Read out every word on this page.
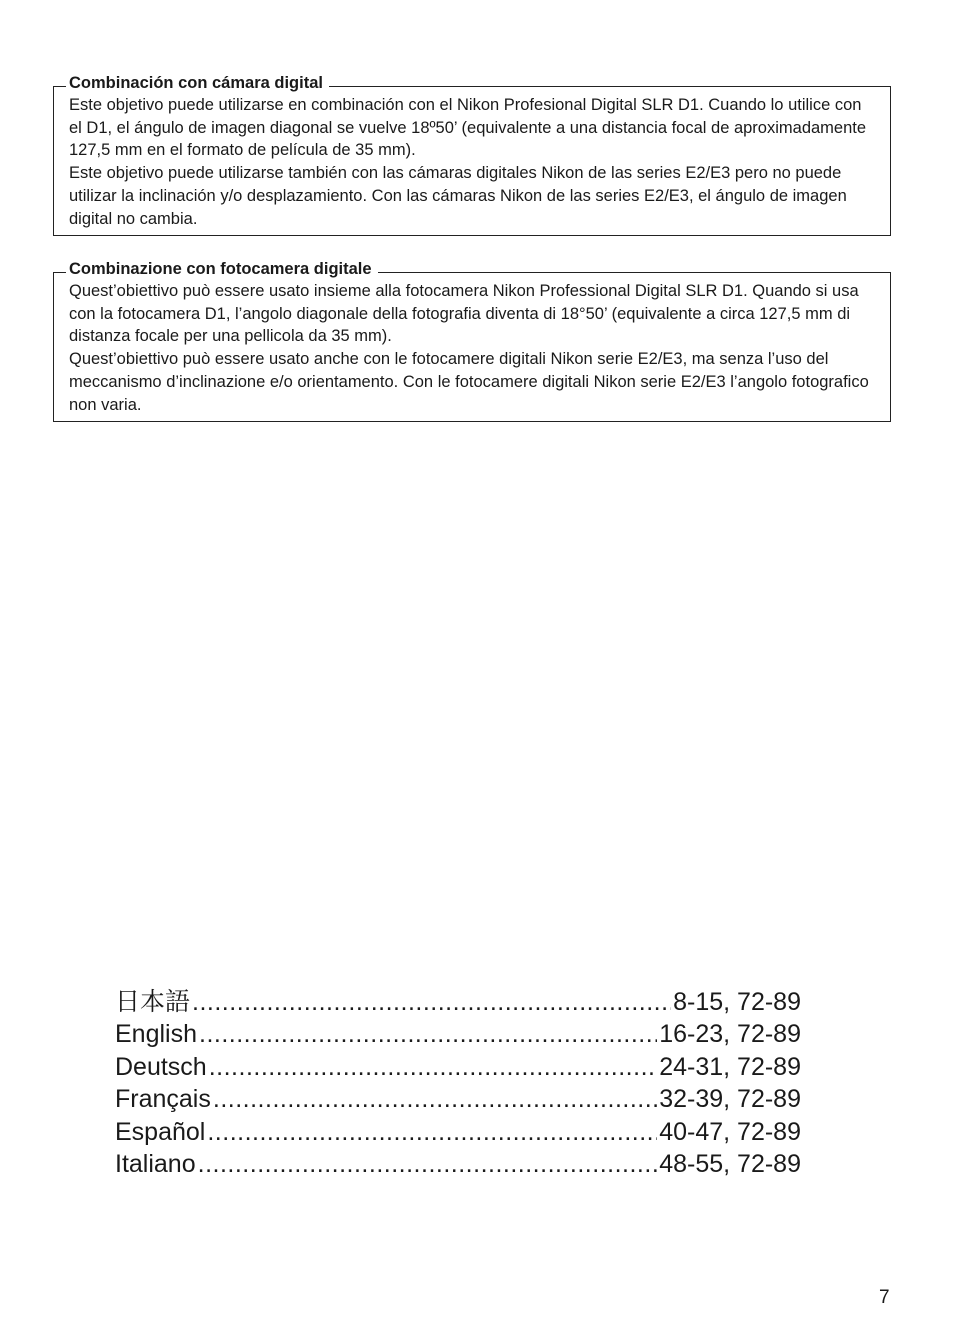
Combinación con cámara digital

Este objetivo puede utilizarse en combinación con el Nikon Profesional Digital SLR D1. Cuando lo utilice con el D1, el ángulo de imagen diagonal se vuelve 18º50’ (equivalente a una distancia focal de aproximadamente 127,5 mm en el formato de película de 35 mm).

Este objetivo puede utilizarse también con las cámaras digitales Nikon de las series E2/E3 pero no puede utilizar la inclinación y/o desplazamiento. Con las cámaras Nikon de las series E2/E3, el ángulo de imagen digital no cambia.

Combinazione con fotocamera digitale

Quest’obiettivo può essere usato insieme alla fotocamera Nikon Professional Digital SLR D1. Quando si usa con la fotocamera D1, l’angolo diagonale della fotografia diventa di 18°50’ (equivalente a circa 127,5 mm di distanza focale per una pellicola da 35 mm).

Quest’obiettivo può essere usato anche con le fotocamere digitali Nikon serie E2/E3, ma senza l’uso del meccanismo d’inclinazione e/o orientamento. Con le fotocamere digitali Nikon serie E2/E3 l’angolo fotografico non varia.

日本語 .....	8-15, 72-89
English .....	16-23, 72-89
Deutsch .....	24-31, 72-89
Français .....	32-39, 72-89
Español .....	40-47, 72-89
Italiano .....	48-55, 72-89
7
